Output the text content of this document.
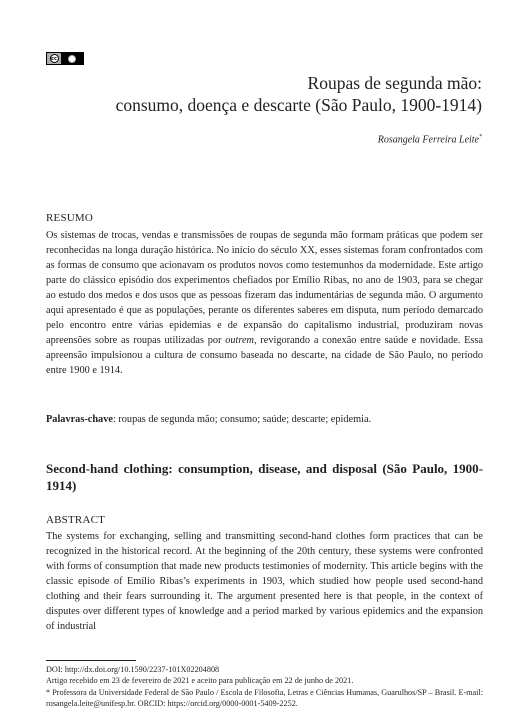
cc
Roupas de segunda mão:
consumo, doença e descarte (São Paulo, 1900-1914)
Rosangela Ferreira Leite*
RESUMO
Os sistemas de trocas, vendas e transmissões de roupas de segunda mão formam práticas que podem ser reconhecidas na longa duração histórica. No início do século XX, esses sistemas foram confrontados com as formas de consumo que acionavam os produtos novos como testemunhos da modernidade. Este artigo parte do clássico episódio dos experimentos chefiados por Emílio Ribas, no ano de 1903, para se chegar ao estudo dos medos e dos usos que as pessoas fizeram das indumentárias de segunda mão. O argumento aqui apresentado é que as populações, perante os diferentes saberes em disputa, num período demarcado pelo encontro entre várias epidemias e de expansão do capitalismo industrial, produziram novas apreensões sobre as roupas utilizadas por outrem, revigorando a conexão entre saúde e novidade. Essa apreensão impulsionou a cultura de consumo baseada no descarte, na cidade de São Paulo, no período entre 1900 e 1914.
Palavras-chave: roupas de segunda mão; consumo; saúde; descarte; epidemia.
Second-hand clothing: consumption, disease, and disposal (São Paulo, 1900-1914)
ABSTRACT
The systems for exchanging, selling and transmitting second-hand clothes form practices that can be recognized in the historical record. At the beginning of the 20th century, these systems were confronted with forms of consumption that made new products testimonies of modernity. This article begins with the classic episode of Emílio Ribas’s experiments in 1903, which studied how people used second-hand clothing and their fears surrounding it. The argument presented here is that people, in the context of disputes over different types of knowledge and a period marked by various epidemics and the expansion of industrial
DOI: http://dx.doi.org/10.1590/2237-101X02204808
Artigo recebido em 23 de fevereiro de 2021 e aceito para publicação em 22 de junho de 2021.
* Professora da Universidade Federal de São Paulo / Escola de Filosofia, Letras e Ciências Humanas, Guarulhos/SP – Brasil. E-mail: rosangela.leite@unifesp.br. ORCID: https://orcid.org/0000-0001-5409-2252.
